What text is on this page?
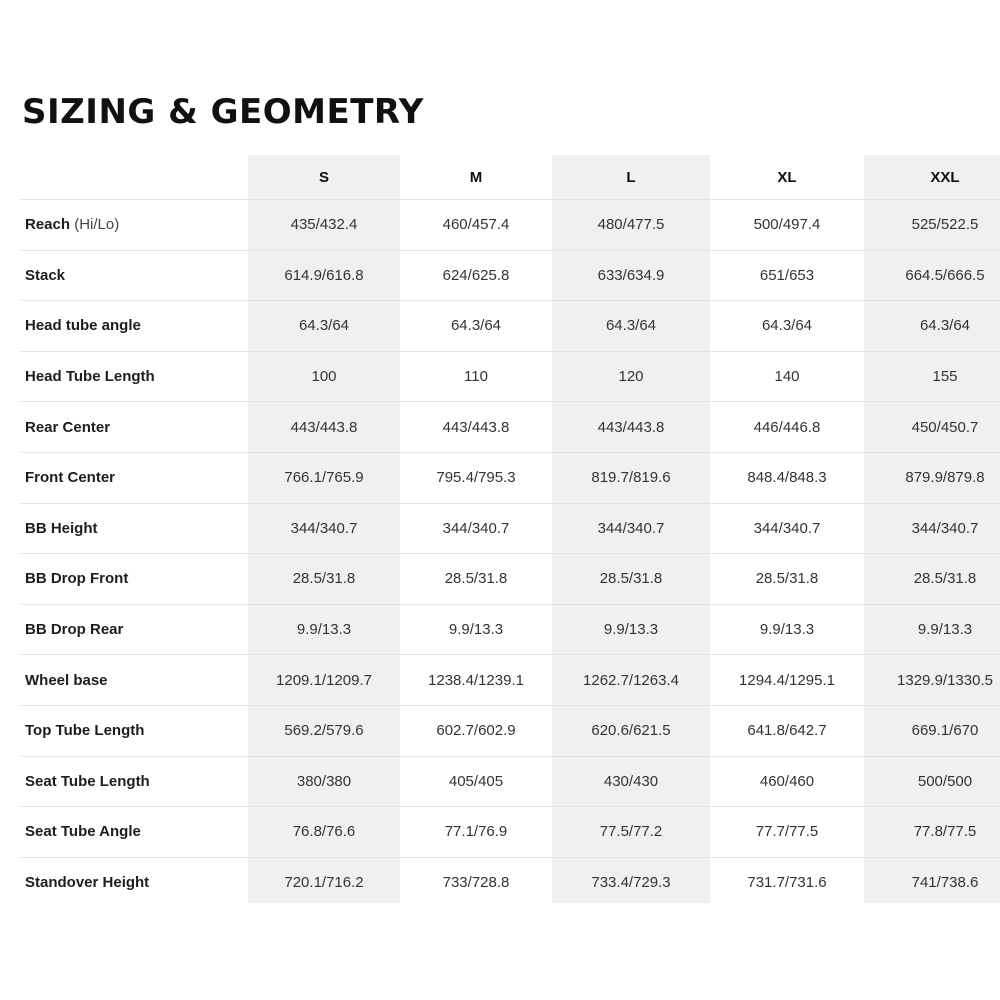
SIZING & GEOMETRY
	S	M	L	XL	XXL
Reach (Hi/Lo)	435/432.4	460/457.4	480/477.5	500/497.4	525/522.5
Stack	614.9/616.8	624/625.8	633/634.9	651/653	664.5/666.5
Head tube angle	64.3/64	64.3/64	64.3/64	64.3/64	64.3/64
Head Tube Length	100	110	120	140	155
Rear Center	443/443.8	443/443.8	443/443.8	446/446.8	450/450.7
Front Center	766.1/765.9	795.4/795.3	819.7/819.6	848.4/848.3	879.9/879.8
BB Height	344/340.7	344/340.7	344/340.7	344/340.7	344/340.7
BB Drop Front	28.5/31.8	28.5/31.8	28.5/31.8	28.5/31.8	28.5/31.8
BB Drop Rear	9.9/13.3	9.9/13.3	9.9/13.3	9.9/13.3	9.9/13.3
Wheel base	1209.1/1209.7	1238.4/1239.1	1262.7/1263.4	1294.4/1295.1	1329.9/1330.5
Top Tube Length	569.2/579.6	602.7/602.9	620.6/621.5	641.8/642.7	669.1/670
Seat Tube Length	380/380	405/405	430/430	460/460	500/500
Seat Tube Angle	76.8/76.6	77.1/76.9	77.5/77.2	77.7/77.5	77.8/77.5
Standover Height	720.1/716.2	733/728.8	733.4/729.3	731.7/731.6	741/738.6
